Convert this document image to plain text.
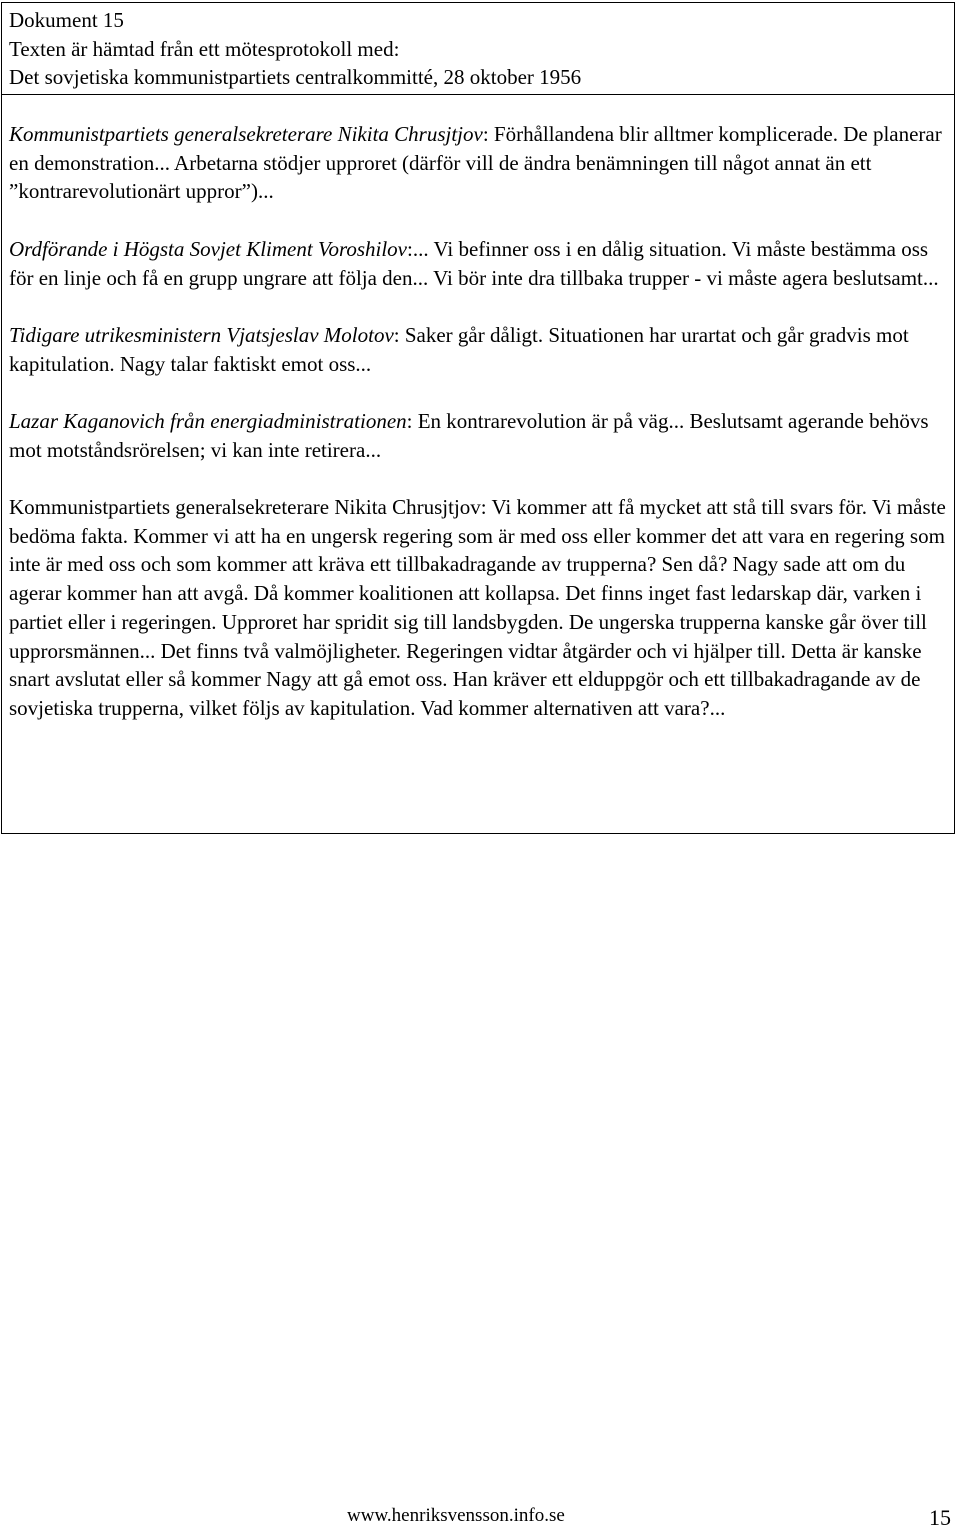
Dokument 15

Texten är hämtad från ett mötesprotokoll med:

Det sovjetiska kommunistpartiets centralkommitté, 28 oktober 1956

Kommunistpartiets generalsekreterare Nikita Chrusjtjov: Förhållandena blir alltmer komplicerade. De planerar en demonstration... Arbetarna stödjer upproret (därför vill de ändra benämningen till något annat än ett ”kontrarevolutionärt uppror”)...

Ordförande i Högsta Sovjet Kliment Voroshilov:... Vi befinner oss i en dålig situation. Vi måste bestämma oss för en linje och få en grupp ungrare att följa den... Vi bör inte dra tillbaka trupper - vi måste agera beslutsamt...

Tidigare utrikesministern Vjatsjeslav Molotov: Saker går dåligt. Situationen har urartat och går gradvis mot kapitulation. Nagy talar faktiskt emot oss...

Lazar Kaganovich från energiadministrationen: En kontrarevolution är på väg... Beslutsamt agerande behövs mot motståndsrörelsen; vi kan inte retirera...

Kommunistpartiets generalsekreterare Nikita Chrusjtjov: Vi kommer att få mycket att stå till svars för. Vi måste bedöma fakta. Kommer vi att ha en ungersk regering som är med oss eller kommer det att vara en regering som inte är med oss och som kommer att kräva ett tillbakadragande av trupperna? Sen då? Nagy sade att om du agerar kommer han att avgå. Då kommer koalitionen att kollapsa. Det finns inget fast ledarskap där, varken i partiet eller i regeringen. Upproret har spridit sig till landsbygden. De ungerska trupperna kanske går över till upprorsmännen... Det finns två valmöjligheter. Regeringen vidtar åtgärder och vi hjälper till. Detta är kanske snart avslutat eller så kommer Nagy att gå emot oss. Han kräver ett elduppgör och ett tillbakadragande av de sovjetiska trupperna, vilket följs av kapitulation. Vad kommer alternativen att vara?...

www.henriksvensson.info.se	15
